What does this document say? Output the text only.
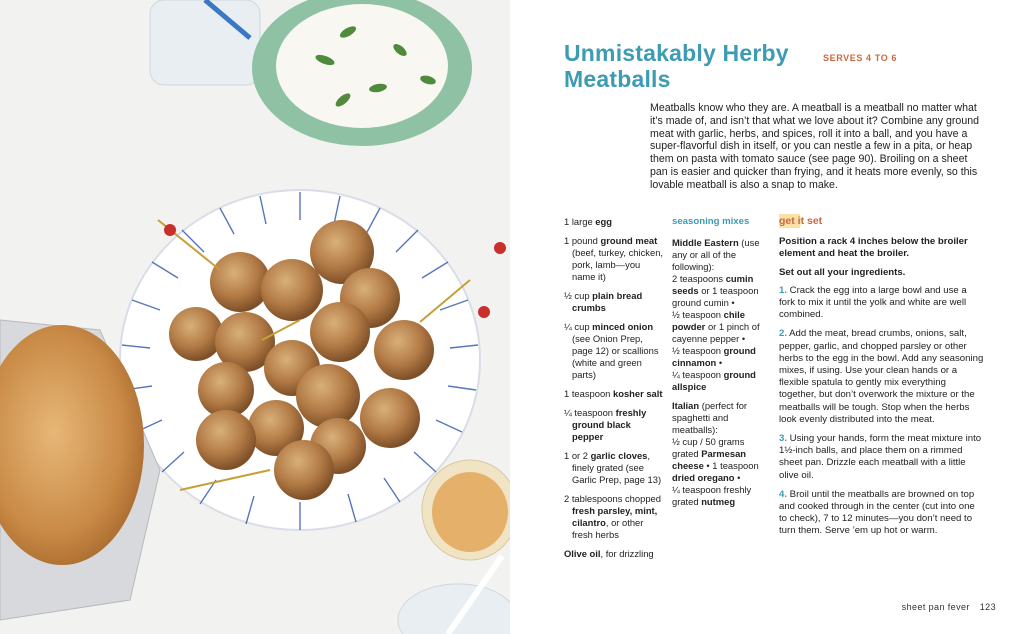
Unmistakably Herby Meatballs
SERVES 4 TO 6
Meatballs know who they are. A meatball is a meatball no matter what it’s made of, and isn’t that what we love about it? Combine any ground meat with garlic, herbs, and spices, roll it into a ball, and you have a super-flavorful dish in itself, or you can nestle a few in a pita, or heap them on pasta with tomato sauce (see page 90). Broiling on a sheet pan is easier and quicker than frying, and it heats more evenly, so this lovable meatball is also a snap to make.

1 large egg

1 pound ground meat (beef, turkey, chicken, pork, lamb—you name it)

½ cup plain bread crumbs

¼ cup minced onion (see Onion Prep, page 12) or scallions (white and green parts)

1 teaspoon kosher salt

¼ teaspoon freshly ground black pepper

1 or 2 garlic cloves, finely grated (see Garlic Prep, page 13)

2 tablespoons chopped fresh parsley, mint, cilantro, or other fresh herbs

Olive oil, for drizzling

seasoning mixes

Middle Eastern (use any or all of the following):
2 teaspoons cumin seeds or 1 teaspoon ground cumin •
½ teaspoon chile powder or 1 pinch of cayenne pepper •
½ teaspoon ground cinnamon •
¼ teaspoon ground allspice

Italian (perfect for spaghetti and meatballs):
½ cup / 50 grams grated Parmesan cheese • 1 teaspoon
dried oregano •
¼ teaspoon freshly grated nutmeg

get it set

Position a rack 4 inches below the broiler element and heat the broiler.

Set out all your ingredients.

1. Crack the egg into a large bowl and use a fork to mix it until the yolk and white are well combined.

2. Add the meat, bread crumbs, onions, salt, pepper, garlic, and chopped parsley or other herbs to the egg in the bowl. Add any seasoning mixes, if using. Use your clean hands or a flexible spatula to gently mix everything together, but don’t overwork the mixture or the meatballs will be tough. Stop when the herbs look evenly distributed into the meat.

3. Using your hands, form the meat mixture into 1½-inch balls, and place them on a rimmed sheet pan. Drizzle each meatball with a little olive oil.

4. Broil until the meatballs are browned on top and cooked through in the center (cut into one to check), 7 to 12 minutes—you don’t need to turn them. Serve ’em up hot or warm.

sheet pan fever 123
